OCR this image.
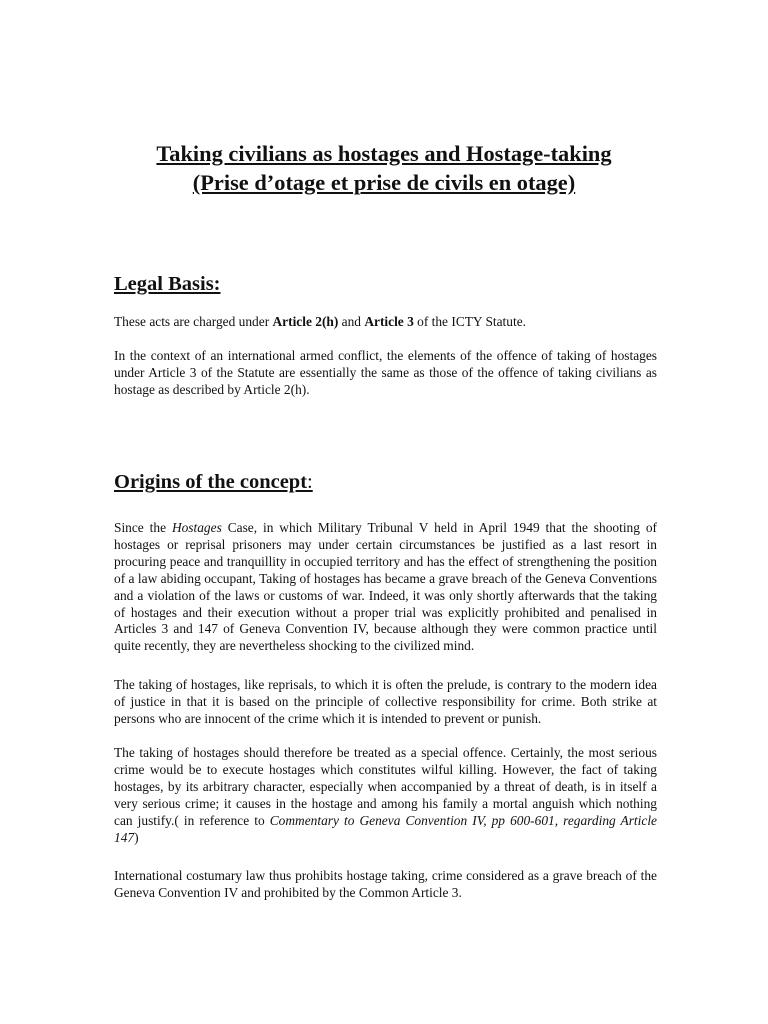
Taking civilians as hostages and Hostage-taking
(Prise d’otage et prise de civils en otage)
Legal Basis:

These acts are charged under Article 2(h) and Article 3 of the ICTY Statute.

In the context of an international armed conflict, the elements of the offence of taking of hostages under Article 3 of the Statute are essentially the same as those of the offence of taking civilians as hostage as described by Article 2(h).

Origins of the concept:

Since the Hostages Case, in which Military Tribunal V held in April 1949 that the shooting of hostages or reprisal prisoners may under certain circumstances be justified as a last resort in procuring peace and tranquillity in occupied territory and has the effect of strengthening the position of a law abiding occupant, Taking of hostages has became a grave breach of the Geneva Conventions and a violation of the laws or customs of war. Indeed, it was only shortly afterwards that the taking of hostages and their execution without a proper trial was explicitly prohibited and penalised in Articles 3 and 147 of Geneva Convention IV, because although they were common practice until quite recently, they are nevertheless shocking to the civilized mind.

The taking of hostages, like reprisals, to which it is often the prelude, is contrary to the modern idea of justice in that it is based on the principle of collective responsibility for crime. Both strike at persons who are innocent of the crime which it is intended to prevent or punish.

The taking of hostages should therefore be treated as a special offence. Certainly, the most serious crime would be to execute hostages which constitutes wilful killing. However, the fact of taking hostages, by its arbitrary character, especially when accompanied by a threat of death, is in itself a very serious crime; it causes in the hostage and among his family a mortal anguish which nothing can justify.( in reference to Commentary to Geneva Convention IV, pp 600-601, regarding Article 147)

International costumary law thus prohibits hostage taking, crime considered as a grave breach of the Geneva Convention IV and prohibited by the Common Article 3.
